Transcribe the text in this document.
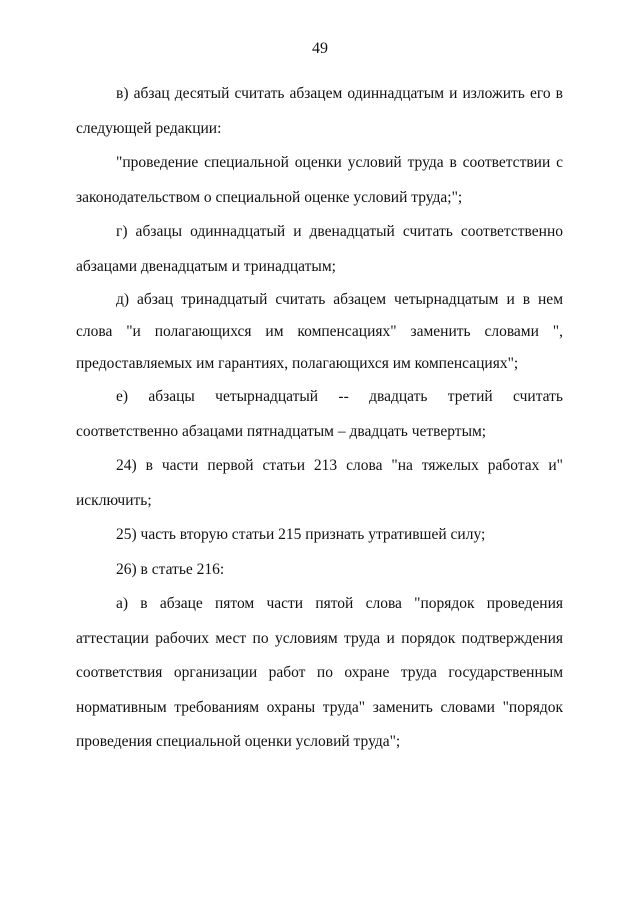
49

в) абзац десятый считать абзацем одиннадцатым и изложить его в следующей редакции:

"проведение специальной оценки условий труда в соответствии с законодательством о специальной оценке условий труда;";

г) абзацы одиннадцатый и двенадцатый считать соответственно абзацами двенадцатым и тринадцатым;

д) абзац тринадцатый считать абзацем четырнадцатым и в нем слова "и полагающихся им компенсациях" заменить словами ", предоставляемых им гарантиях, полагающихся им компенсациях";

е) абзацы четырнадцатый -- двадцать третий считать соответственно абзацами пятнадцатым – двадцать четвертым;

24) в части первой статьи 213 слова "на тяжелых работах и" исключить;

25) часть вторую статьи 215 признать утратившей силу;

26) в статье 216:

а) в абзаце пятом части пятой слова "порядок проведения аттестации рабочих мест по условиям труда и порядок подтверждения соответствия организации работ по охране труда государственным нормативным требованиям охраны труда" заменить словами "порядок проведения специальной оценки условий труда";
